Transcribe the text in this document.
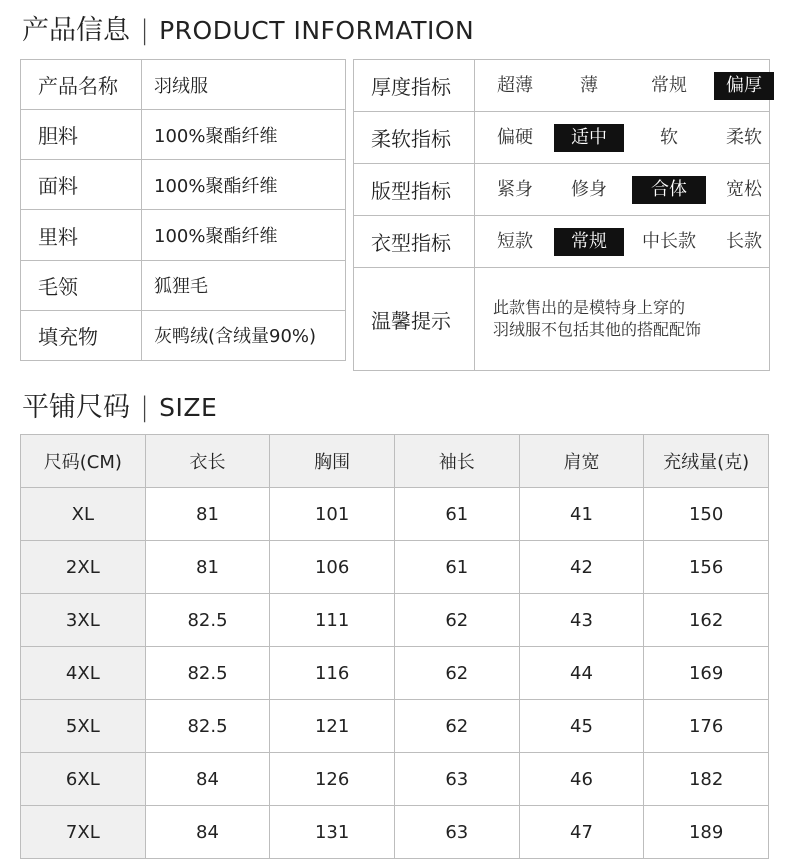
产品信息 | PRODUCT INFORMATION
产品名称	羽绒服
胆料	100%聚酯纤维
面料	100%聚酯纤维
里料	100%聚酯纤维
毛领	狐狸毛
填充物	灰鸭绒(含绒量90%)
厚度指标	超薄 薄 常规 偏厚
柔软指标	偏硬 适中 软 柔软
版型指标	紧身 修身 合体 宽松
衣型指标	短款 常规 中长款 长款
温馨提示	此款售出的是模特身上穿的
羽绒服不包括其他的搭配配饰
平铺尺码 | SIZE
尺码(CM)	衣长	胸围	袖长	肩宽	充绒量(克)
XL	81	101	61	41	150
2XL	81	106	61	42	156
3XL	82.5	111	62	43	162
4XL	82.5	116	62	44	169
5XL	82.5	121	62	45	176
6XL	84	126	63	46	182
7XL	84	131	63	47	189
